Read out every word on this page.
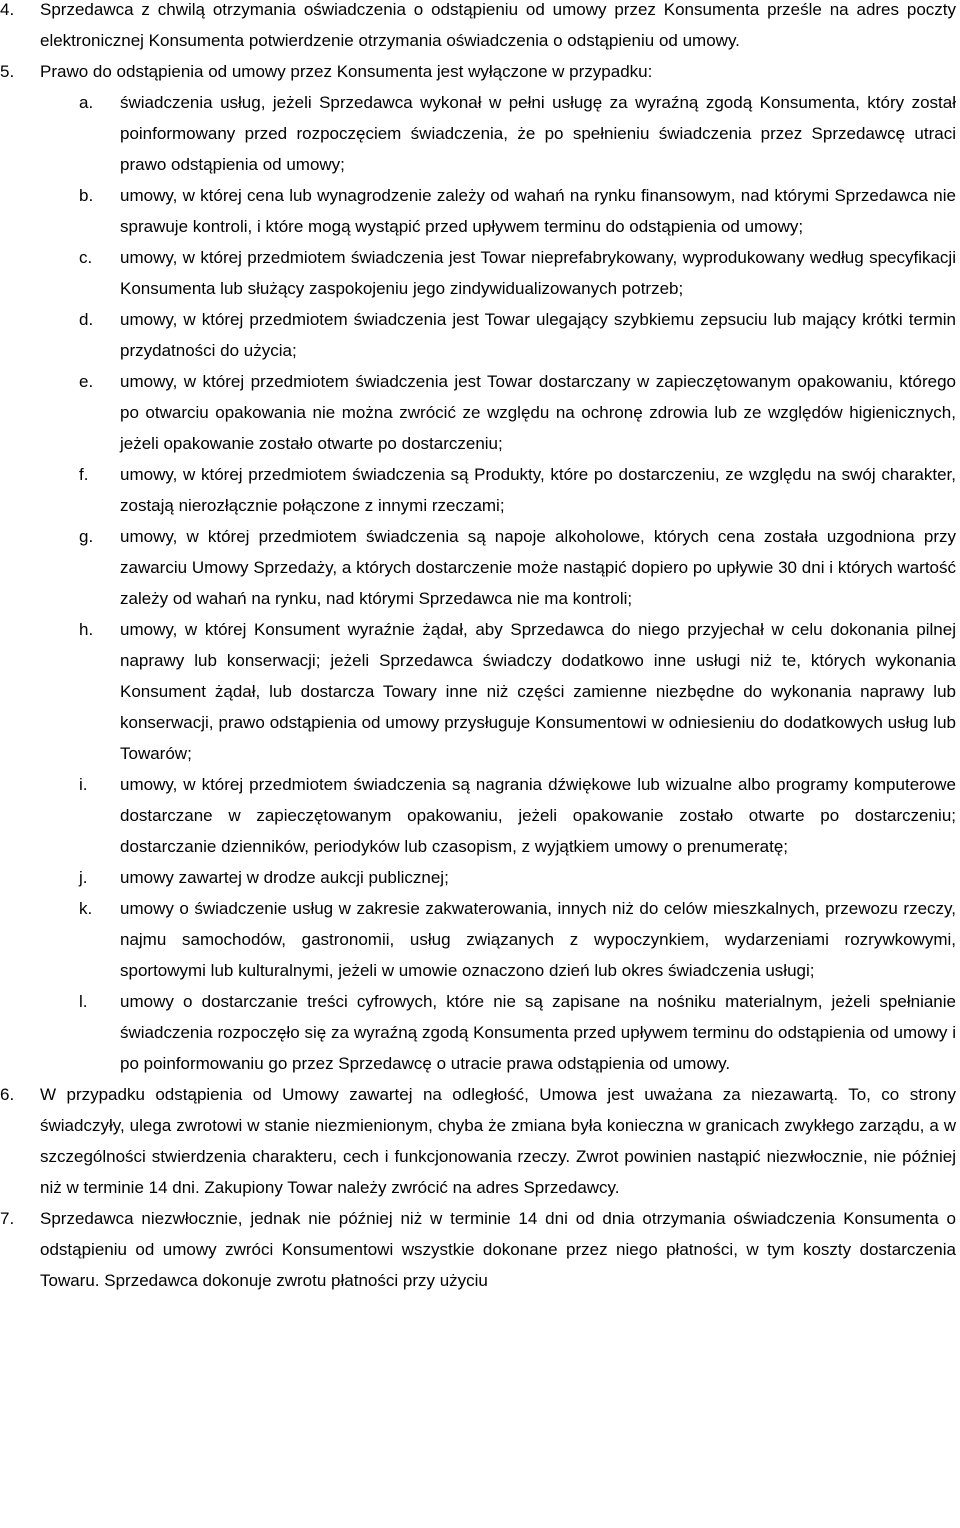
4.	Sprzedawca z chwilą otrzymania oświadczenia o odstąpieniu od umowy przez Konsumenta prześle na adres poczty elektronicznej Konsumenta potwierdzenie otrzymania oświadczenia o odstąpieniu od umowy.
5.	Prawo do odstąpienia od umowy przez Konsumenta jest wyłączone w przypadku:
a.	świadczenia usług, jeżeli Sprzedawca wykonał w pełni usługę za wyraźną zgodą Konsumenta, który został poinformowany przed rozpoczęciem świadczenia, że po spełnieniu świadczenia przez Sprzedawcę utraci prawo odstąpienia od umowy;
b.	umowy, w której cena lub wynagrodzenie zależy od wahań na rynku finansowym, nad którymi Sprzedawca nie sprawuje kontroli, i które mogą wystąpić przed upływem terminu do odstąpienia od umowy;
c.	umowy, w której przedmiotem świadczenia jest Towar nieprefabrykowany, wyprodukowany według specyfikacji Konsumenta lub służący zaspokojeniu jego zindywidualizowanych potrzeb;
d.	umowy, w której przedmiotem świadczenia jest Towar ulegający szybkiemu zepsuciu lub mający krótki termin przydatności do użycia;
e.	umowy, w której przedmiotem świadczenia jest Towar dostarczany w zapieczętowanym opakowaniu, którego po otwarciu opakowania nie można zwrócić ze względu na ochronę zdrowia lub ze względów higienicznych, jeżeli opakowanie zostało otwarte po dostarczeniu;
f.	umowy, w której przedmiotem świadczenia są Produkty, które po dostarczeniu, ze względu na swój charakter, zostają nierozłącznie połączone z innymi rzeczami;
g.	umowy, w której przedmiotem świadczenia są napoje alkoholowe, których cena została uzgodniona przy zawarciu Umowy Sprzedaży, a których dostarczenie może nastąpić dopiero po upływie 30 dni i których wartość zależy od wahań na rynku, nad którymi Sprzedawca nie ma kontroli;
h.	umowy, w której Konsument wyraźnie żądał, aby Sprzedawca do niego przyjechał w celu dokonania pilnej naprawy lub konserwacji; jeżeli Sprzedawca świadczy dodatkowo inne usługi niż te, których wykonania Konsument żądał, lub dostarcza Towary inne niż części zamienne niezbędne do wykonania naprawy lub konserwacji, prawo odstąpienia od umowy przysługuje Konsumentowi w odniesieniu do dodatkowych usług lub Towarów;
i.	umowy, w której przedmiotem świadczenia są nagrania dźwiękowe lub wizualne albo programy komputerowe dostarczane w zapieczętowanym opakowaniu, jeżeli opakowanie zostało otwarte po dostarczeniu; dostarczanie dzienników, periodyków lub czasopism, z wyjątkiem umowy o prenumeratę;
j.	umowy zawartej w drodze aukcji publicznej;
k.	umowy o świadczenie usług w zakresie zakwaterowania, innych niż do celów mieszkalnych, przewozu rzeczy, najmu samochodów, gastronomii, usług związanych z wypoczynkiem, wydarzeniami rozrywkowymi, sportowymi lub kulturalnymi, jeżeli w umowie oznaczono dzień lub okres świadczenia usługi;
l.	umowy o dostarczanie treści cyfrowych, które nie są zapisane na nośniku materialnym, jeżeli spełnianie świadczenia rozpoczęło się za wyraźną zgodą Konsumenta przed upływem terminu do odstąpienia od umowy i po poinformowaniu go przez Sprzedawcę o utracie prawa odstąpienia od umowy.
6.	W przypadku odstąpienia od Umowy zawartej na odległość, Umowa jest uważana za niezawartą. To, co strony świadczyły, ulega zwrotowi w stanie niezmienionym, chyba że zmiana była konieczna w granicach zwykłego zarządu, a w szczególności stwierdzenia charakteru, cech i funkcjonowania rzeczy. Zwrot powinien nastąpić niezwłocznie, nie później niż w terminie 14 dni. Zakupiony Towar należy zwrócić na adres Sprzedawcy.
7.	Sprzedawca niezwłocznie, jednak nie później niż w terminie 14 dni od dnia otrzymania oświadczenia Konsumenta o odstąpieniu od umowy zwróci Konsumentowi wszystkie dokonane przez niego płatności, w tym koszty dostarczenia Towaru. Sprzedawca dokonuje zwrotu płatności przy użyciu
